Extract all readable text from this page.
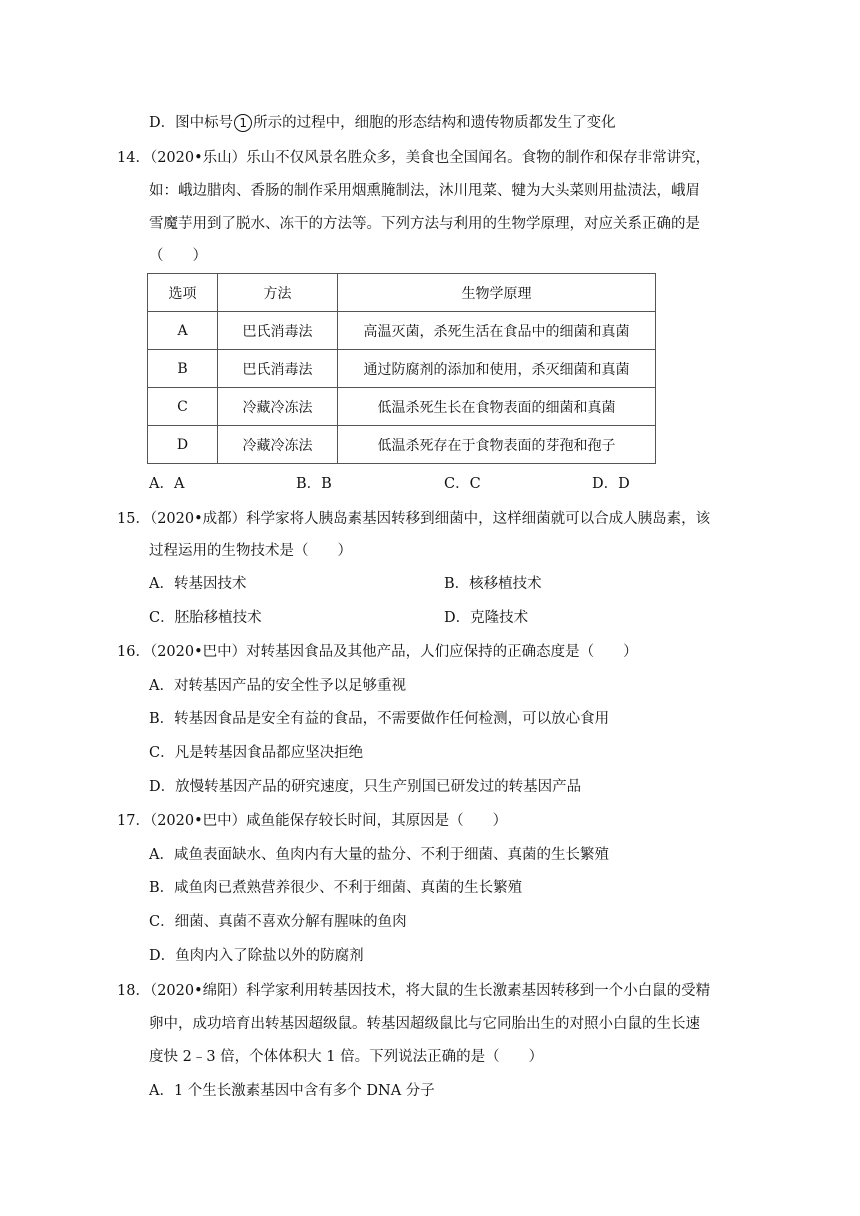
D．图中标号 1 所示的过程中，细胞的形态结构和遗传物质都发生了变化
14．（2020•乐山）乐山不仅风景名胜众多，美食也全国闻名。食物的制作和保存非常讲究，
如：峨边腊肉、香肠的制作采用烟熏腌制法，沐川甩菜、犍为大头菜则用盐渍法，峨眉
雪魔芋用到了脱水、冻干的方法等。下列方法与利用的生物学原理，对应关系正确的是
（　　）
选项	方法	生物学原理
A	巴氏消毒法	高温灭菌，杀死生活在食品中的细菌和真菌
B	巴氏消毒法	通过防腐剂的添加和使用，杀灭细菌和真菌
C	冷藏冷冻法	低温杀死生长在食物表面的细菌和真菌
D	冷藏冷冻法	低温杀死存在于食物表面的芽孢和孢子
A．A	B．B	C．C	D．D
15．（2020•成都）科学家将人胰岛素基因转移到细菌中，这样细菌就可以合成人胰岛素，该
过程运用的生物技术是（　　）
A．转基因技术	B．核移植技术
C．胚胎移植技术	D．克隆技术
16．（2020•巴中）对转基因食品及其他产品，人们应保持的正确态度是（　　）
A．对转基因产品的安全性予以足够重视
B．转基因食品是安全有益的食品，不需要做作任何检测，可以放心食用
C．凡是转基因食品都应坚决拒绝
D．放慢转基因产品的研究速度，只生产别国已研发过的转基因产品
17．（2020•巴中）咸鱼能保存较长时间，其原因是（　　）
A．咸鱼表面缺水、鱼肉内有大量的盐分、不利于细菌、真菌的生长繁殖
B．咸鱼肉已煮熟营养很少、不利于细菌、真菌的生长繁殖
C．细菌、真菌不喜欢分解有腥味的鱼肉
D．鱼肉内入了除盐以外的防腐剂
18．（2020•绵阳）科学家利用转基因技术，将大鼠的生长激素基因转移到一个小白鼠的受精
卵中，成功培育出转基因超级鼠。转基因超级鼠比与它同胎出生的对照小白鼠的生长速
度快 2﹣3 倍，个体体积大 1 倍。下列说法正确的是（　　）
A．1 个生长激素基因中含有多个 DNA 分子
